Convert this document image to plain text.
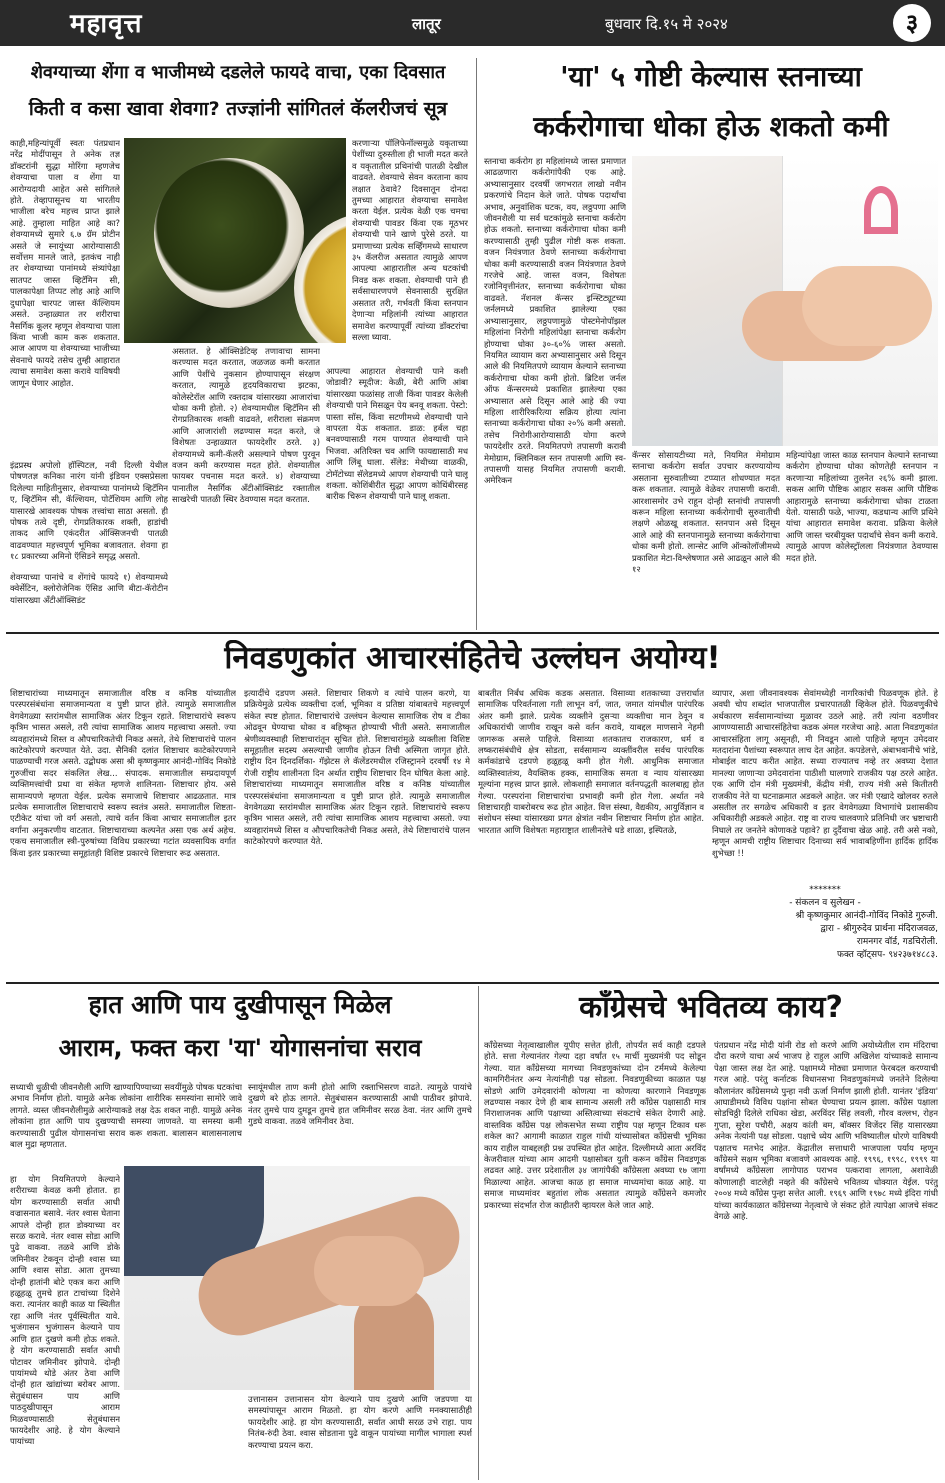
महावृत्त	लातूर	बुधवार दि.१५ मे २०२४	३
शेवग्याच्या शेंगा व भाजीमध्ये दडलेले फायदे वाचा, एका दिवसात
किती व कसा खावा शेवगा? तज्ज्ञांनी सांगितलं कॅलरीजचं सूत्र
काही,महिन्यांपूर्वी स्वतः पंतप्रधान नरेंद्र मोदींपासून ते अनेक तज्ञ डॉक्टरांनी सुद्धा मोरिंगा म्हणजेच शेवग्याचा पाला व शेंगा या आरोग्यदायी आहेत असे सांगितले होते. तेव्हापासूनच या भारतीय भाजीला बरेच महत्त्व प्राप्त झाले आहे. तुम्हाला माहित आहे का? शेवग्यामध्ये सुमारे ६.७ ग्रॅम प्रोटीन असते जे स्नायूंच्या आरोग्यासाठी सर्वोत्तम मानले जाते, इतकंच नाही तर शेवग्याच्या पानांमध्ये संत्र्यांपेक्षा सातपट जास्त व्हिटॅमिन सी, पालकापेक्षा तिप्पट लोह आहे आणि दुधापेक्षा चारपट जास्त कॅल्शियम असते. उन्हाळ्यात तर शरीराचा नैसर्गिक कूलर म्हणून शेवग्याचा पाला किंवा भाजी काम करू शकतात. आज आपण या शेवग्याच्या भाजीच्या सेवनाचे फायदे तसेच तुम्ही आहारात त्याचा समावेश कसा करावे याविषयी जाणून घेणार आहोत.
इंद्रप्रस्थ अपोलो हॉस्पिटल, नवी दिल्ली येथील पोषणतज्ञ कनिका नारंग यांनी इंडियन एक्सप्रेसला दिलेल्या माहितीनुसार, शेवग्याच्या पानांमध्ये व्हिटॅमिन ए, व्हिटॅमिन सी, कॅल्शियम, पोटॅशियम आणि लोह यासारखे आवश्यक पोषक तत्त्वांचा साठा असतो. ही पोषक तत्वे दृष्टी, रोगप्रतिकारक शक्ती, हाडांची ताकद आणि एकंदरीत ऑक्सिजनची पातळी वाढवण्यात महत्त्वपूर्ण भूमिका बजावतात. शेवगा हा १८ प्रकारच्या अमिनो ऍसिडने समृद्ध असतो.
शेवग्याच्या पानांचे व शेंगांचे फायदे १) शेवग्यामध्ये क्वेर्सेटिन, क्लोरोजेनिक ऍसिड आणि बीटा-कॅरोटीन यांसारख्या अँटीऑक्सिडंट
असतात. हे ऑक्सिडेटिव्ह तणावाचा सामना करण्यास मदत करतात, जळजळ कमी करतात आणि पेशींचे नुकसान होण्यापासून संरक्षण करतात, त्यामुळे हृदयविकाराचा झटका, कोलेस्टेरॉल आणि रक्तदाब यांसारख्या आजारांचा धोका कमी होतो. २) शेवग्यामधील व्हिटॅमिन सी रोगप्रतिकारक शक्ती वाढवते, शरीराला संक्रमण आणि आजारांशी लढण्यास मदत करते, जे विशेषतः उन्हाळ्यात फायदेशीर ठरते. ३) शेवग्यामध्ये कमी-कॅलरी असल्याने पोषण पुरवून वजन कमी करण्यास मदत होते. शेवग्यातील फायबर पचनास मदत करते. ४) शेवग्याच्या पानातील नैसर्गिक अँटीऑक्सिडंट रक्तातील साखरेची पातळी स्थिर ठेवण्यास मदत करतात.
करणाऱ्या पॉलिफेनॉल्समुळे यकृताच्या पेशींच्या दुरुस्तीला ही भाजी मदत करते व यकृतातील प्रथिनांची पातळी देखील वाढवते. शेवग्याचे सेवन करताना काय लक्षात ठेवावे? दिवसातून दोनदा तुमच्या आहारात शेवग्याचा समावेश करता येईल. प्रत्येक वेळी एक चमचा शेवग्याची पावडर किंवा एक मूठभर शेवग्याची पाने खाणे पुरेसे ठरते. या प्रमाणाच्या प्रत्येक सर्व्हिंगमध्ये साधारण ३५ कॅलरीज असतात त्यामुळे आपण आपल्या आहारातील अन्य घटकांची निवड करू शकता. शेवग्याची पाने ही सर्वसाधारणपणे सेवनासाठी सुरक्षित असतात तरी, गर्भवती किंवा स्तनपान देणाऱ्या महिलांनी त्यांच्या आहारात समावेश करण्यापूर्वी त्यांच्या डॉक्टरांचा सल्ला घ्यावा.
आपल्या आहारात शेवग्याची पाने कशी जोडावी? स्मूदीज: केळी, बेरी आणि आंबा यांसारख्या फळांसह ताजी किंवा पावडर केलेली शेवग्याची पाने मिसळून पेय बनवू शकता. पेस्टो: पास्ता सॉस, किंवा सटणीमध्ये शेवग्याची पाने वापरता येऊ शकतात. डाळ: हर्बल चहा बनवण्यासाठी गरम पाण्यात शेवग्याची पाने भिजवा. अतिरिक्त चव आणि फायद्यासाठी मध आणि लिंबू घाला. सॅलेड: मेथीच्या वाळकी, टोमॅटोच्या सॅलेडमध्ये आपण शेवग्याची पाने घालू शकता. कोशिंबीरीत सुद्धा आपण कोथिंबीरसह बारीक चिरून शेवग्याची पाने घालू शकता.
'या' ५ गोष्टी केल्यास स्तनाच्या
कर्करोगाचा धोका होऊ शकतो कमी
स्तनाचा कर्करोग हा महिलांमध्ये जास्त प्रमाणात आढळणारा कर्करोगांपैकी एक आहे. अभ्यासानुसार दरवर्षी जगभरात लाखो नवीन प्रकरणांचे निदान केले जाते. पोषक पदार्थांचा अभाव, अनुवांशिक घटक, वय, लठ्ठपणा आणि जीवनशैली या सर्व घटकांमुळे स्तनाचा कर्करोग होऊ शकतो. स्तनाच्या कर्करोगाचा धोका कमी करण्यासाठी तुम्ही पुढील गोष्टी करू शकता. वजन नियंत्रणात ठेवणे स्तनाच्या कर्करोगाचा धोका कमी करण्यासाठी वजन नियंत्रणात ठेवणे गरजेचे आहे. जास्त वजन, विशेषतः रजोनिवृत्तीनंतर, स्तनाच्या कर्करोगाचा धोका वाढवते. नॅशनल कॅन्सर इन्स्टिट्यूटच्या जर्नलमध्ये प्रकाशित झालेल्या एका अभ्यासानुसार, लठ्ठपणामुळे पोस्टमेनोपॉझल महिलांना निरोगी महिलांपेक्षा स्तनाचा कर्करोग होण्याचा धोका ३०-६०% जास्त असतो. नियमित व्यायाम करा अभ्यासानुसार असे दिसून आले की नियमितपणे व्यायाम केल्याने स्तनाच्या कर्करोगाचा धोका कमी होतो. ब्रिटिश जर्नल ऑफ कॅन्सरमध्ये प्रकाशित झालेल्या एका अभ्यासात असे दिसून आले आहे की ज्या महिला शारीरिकरित्या सक्रिय होत्या त्यांना स्तनाच्या कर्करोगाचा धोका २०% कमी असतो. तसेच निरोगीआरोग्यासाठी योगा करणे फायदेशीर ठरते. नियमितपणे तपासणी करावी मेमोग्राम, क्लिनिकल स्तन तपासणी आणि स्व-तपासणी यासह नियमित तपासणी करावी. अमेरिकन
कॅन्सर सोसायटीच्या मते, नियमित मेमोग्राम स्तनाचा कर्करोग सर्वात उपचार करण्यायोग्य असताना सुरुवातीच्या टप्प्यात शोधण्यात मदत करू शकतात. त्यामुळे वेळेवर तपासणी करावी. आरशासमोर उभे राहून दोन्ही स्तनांची तपासणी करून महिला स्तनाच्या कर्करोगाची सुरुवातीची लक्षणे ओळखू शकतात. स्तनपान असे दिसून आले आहे की स्तनपानामुळे स्तनाच्या कर्करोगाचा धोका कमी होतो. लान्सेट आणि ऑन्कोलॉजीमध्ये प्रकाशित मेटा-विश्लेषणात असे आढळून आले की १२
महिन्यांपेक्षा जास्त काळ स्तनपान केल्याने स्तनाच्या कर्करोग होण्याचा धोका कोणतेही स्तनपान न करणाऱ्या महिलांच्या तुलनेत २६% कमी झाला. सकस आणि पौष्टिक आहार सकस आणि पौष्टिक आहारामुळे स्तनाच्या कर्करोगाचा धोका टाळता येतो. यासाठी फळे, भाज्या, कडधान्य आणि प्रथिने यांचा आहारात समावेश करावा. प्रक्रिया केलेले आणि जास्त चरबीयुक्त पदार्थांचे सेवन कमी करावे. त्यामुळे आपण कोलेस्ट्रॉलला नियंत्रणात ठेवण्यास मदत होते.
निवडणुकांत आचारसंहितेचे उल्लंघन अयोग्य!
शिष्टाचारांच्या माध्यमातून समाजातील वरिष्ठ व कनिष्ठ यांच्यातील परस्परसंबंधांना समाजमान्यता व पुष्टी प्राप्त होते. त्यामुळे समाजातील वेगवेगळ्या स्तरांमधील सामाजिक अंतर टिकून रहाते. शिष्टाचारांचे स्वरूप कृत्रिम भासत असले, तरी त्यांचा सामाजिक आशय महत्त्वाचा असतो. ज्या व्यवहारांमध्ये शिस्त व औपचारिकतेची निकड असते, तेथे शिष्टाचारांचे पालन काटेकोरपणे करण्यात येते. उदा. सैनिकी दलांत शिष्टाचार काटेकोरपणाने पाळण्याची गरज असते. उद्बोधक असा श्री कृष्णकुमार आनंदी-गोविंद निकोडे गुरुजींचा सदर संकलित लेख... संपादक. समाजातील सम्प्रदायपूर्ण व्यक्तिमत्त्वांची प्रथा वा संकेत म्हणजे शालिनता- शिष्टाचार होय. असे सामान्यपणे म्हणता येईल. प्रत्येक समाजाचे शिष्टाचार आढळतात. मात्र प्रत्येक समाजातील शिष्टाचाराचे स्वरूप स्वतंत्र असते. समाजातील शिष्टता-एटीकेट यांचा जो वर्ग असतो, त्याचे वर्तन किंवा आचार समाजातील इतर वर्गांना अनुकरणीय वाटतात. शिष्टाचाराच्या कल्पनेत असा एक अर्थ अहेच. एकच समाजातील स्त्री-पुरुषांच्या विविध प्रकारच्या गटांत व्यवसायिक वर्गात किंवा इतर प्रकारच्या समूहांतही विशिष्ट प्रकारचे शिष्टाचार रूढ असतात.
इत्यादींचे दडपण असते. शिष्टाचार शिकणे व त्यांचे पालन करणे, या प्रक्रियेमुळे प्रत्येक व्यक्तीचा दर्जा, भूमिका व प्रतिष्ठा यांबाबतचे महत्त्वपूर्ण संकेत स्पष्ट होतात. शिष्टाचारांचे उल्लंघन केल्यास सामाजिक रोष व टीका ओढवून घेण्याचा धोका व बहिष्कृत होण्याची भीती असते. समाजातील श्रेणीव्यवस्थाही शिष्टाचारांतून सूचित होते. शिष्टाचारांमुळे व्यक्तीला विशिष्ट समूहातील सदस्य असल्याची जाणीव होऊन तिची अस्मिता जागृत होते. राष्ट्रीय दिन दिनदर्शिका- गॅझेटस ले कॅलेंडरमधील रजिस्ट्रानने दरवर्षी १४ मे रोजी राष्ट्रीय शालीनता दिन अर्थात राष्ट्रीय शिष्टाचार दिन घोषित केला आहे. शिष्टाचारांच्या माध्यमातून समाजातील वरिष्ठ व कनिष्ठ यांच्यातील परस्परसंबंधांना समाजमान्यता व पुष्टी प्राप्त होते. त्यामुळे समाजातील वेगवेगळ्या स्तरांमधील सामाजिक अंतर टिकून रहाते. शिष्टाचारांचे स्वरूप कृत्रिम भासत असले, तरी त्यांचा सामाजिक आशय महत्त्वाचा असतो. ज्या व्यवहारांमध्ये शिस्त व औपचारिकतेची निकड असते, तेथे शिष्टाचारांचे पालन काटेकोरपणे करण्यात येते.
बाबतीत निर्बंध अधिक कडक असतात. विसाव्या शतकाच्या उत्तरार्धात सामाजिक परिवर्तनाला गती लाभून वर्ग, जात, जमात यांमधील पारंपरिक अंतर कमी झाले. प्रत्येक व्यक्तीने दुसऱ्या व्यक्तीचा मान ठेवून व अधिकारांची जाणीव राखून कसे वर्तन करावे, याबद्दल माणसाने नेहमी जागरूक असले पाहिजे. विसाव्या शतकातच राजकारण, धर्म व लष्करासंबंधीचे क्षेत्र सोडता, सर्वसामान्य व्यक्तींवरील सर्वच पारंपरिक कर्मकांडाचे दडपणे हळूहळू कमी होत गेली. आधुनिक समाजात व्यक्तिस्वातंत्र्य, वैयक्तिक हक्क, सामाजिक समता व न्याय यांसारख्या मूल्यांना महत्त्व प्राप्त झाले. लोकशाही समाजात वर्तनपद्धती कालबाह्य होत गेल्या. परस्परांना शिष्टाचारांचा प्रभावही कमी होत गेला. अर्थात नवे शिष्टाचारही याबरोबरच रूढ होत आहेत. वित्त संस्था, वैद्यकीय, आयुर्विज्ञान व संशोधन संस्था यांसारख्या प्रगत क्षेत्रांत नवीन शिष्टाचार निर्माण होत आहेत. भारतात आणि विशेषतः महाराष्ट्रात शालीनतेचे धडे शाळा, इस्पितळे,
व्यापार, अशा जीवनावश्यक सेवांमध्येही नागरिकांची पिळवणूक होते. हे अवघी चोप शब्दांत भाजपातील प्रचारपातळी व्हिकेल होते. पिळवणुकीचे अर्थकारण सर्वसामान्यांच्या मुळावर उठले आहे. तरी त्यांना वठणीवर आणण्यासाठी आचारसंहितेचा कडक अंमल गरजेचा आहे. आता निवडणुकांत आचारसंहिता लागू असूनही, मी निवडून आलो पाहिजे म्हणून उमेदवार मतदारांना पैशांच्या स्वरूपात लाच देत आहेत. कपडेलत्ते, अंबाभवानीचे भांडे, मोबाईल वाटप करीत आहेत. सध्या राज्यातच नव्हे तर अवघ्या देशात मानल्या जाणाऱ्या उमेदवारांना पाठीशी घालणारे राजकीय पक्ष ठरले आहेत. एक आणि दोन मंत्री मुख्यमंत्री, केंद्रीय मंत्री, राज्य मंत्री असे कितीतरी राजकीय नेते या घटनाक्रमात अडकले आहेत. जर मंत्री एखादे खोलवर रुतले असतील तर सगळेच अधिकारी व इतर वेगवेगळ्या विभागांचे प्रशासकीय अधिकारीही अडकले आहेत. राष्ट्र वा राज्य चालवणारे प्रतिनिधी जर भ्रष्टाचारी निघाले तर जनतेने कोणाकडे पहावे? हा दुर्दैवाचा खेळ आहे. तरी असे नको, म्हणून आमची राष्ट्रीय शिष्टाचार दिनाच्या सर्व भावाबहिणींना हार्दिक हार्दिक शुभेच्छा !!
*******
- संकलन व सुलेखन -
श्री कृष्णकुमार आनंदी-गोविंद निकोडे गुरुजी.
द्वारा - श्रीगुरुदेव प्रार्थना मंदिराजवळ,
रामनगर वॉर्ड, गडचिरोली.
फक्त व्हॉट्सप- ९४२३७१४८८३.
हात आणि पाय दुखीपासून मिळेल
आराम, फक्त करा 'या' योगासनांचा सराव
सध्याची धुळीची जीवनशैली आणि खाण्यापिण्याच्या सवयींमुळे पोषक घटकांचा अभाव निर्माण होतो. यामुळे अनेक लोकांना शारीरिक समस्यांना सामोरे जावे लागते. व्यस्त जीवनशैलीमुळे आरोग्याकडे लक्ष देऊ शकत नाही. यामुळे अनेक लोकांना हात आणि पाय दुखण्याची समस्या जाणवते. या समस्या कमी करण्यासाठी पुढील योगासनांचा सराव करू शकता. बालासन बालासनालाच बाल मुद्रा म्हणतात.
स्नायूंमधील ताण कमी होतो आणि रक्ताभिसरण वाढते. त्यामुळे पायांचे दुखणे बरे होऊ लागते. सेतुबंधासन करण्यासाठी आधी पाठीवर झोपावे. नंतर तुमचे पाय दुमडून तुमचे हात जमिनीवर सरळ ठेवा. नंतर आणि तुमचे गुडघे वाकवा. तळवे जमिनीवर ठेवा.
हा योग नियमितपणे केल्याने शरीराच्या केवळ कमी होतात. हा योग करण्यासाठी सर्वात आधी वज्रासनात बसावे. नंतर श्वास घेताना आपले दोन्ही हात डोक्याच्या वर सरळ करावे. नंतर श्वास सोडा आणि पुढे वाकवा. तळवे आणि डोके जमिनीवर टेकवून दोन्ही श्वास घ्या आणि श्वास सोडा. आता तुमच्या दोन्ही हातांनी बोटे एकत्र करा आणि हळूहळू तुमचे हात टाचांच्या दिशेने करा. त्यानंतर काही काळ या स्थितीत रहा आणि नंतर पूर्वस्थितीत यावे. भुजंगासन भुजंगासन केल्याने पाय आणि हात दुखणे कमी होऊ शकते. हे योग करण्यासाठी सर्वात आधी पोटावर जमिनीवर झोपावे. दोन्ही पायांमध्ये थोडे अंतर ठेवा आणि दोन्ही हात खांद्यांच्या बरोबर आणा. सेतुबंधासन पाय आणि पाठदुखीपासून आराम मिळवण्यासाठी सेतुबंधासन फायदेशीर आहे. हे योग केल्याने पायांच्या
उत्तानासन उत्तानासन योग केल्याने पाय दुखणे आणि जडपणा या समस्यांपासून आराम मिळतो. हा योग करणे आणि मनक्यासाठीही फायदेशीर आहे. हा योग करण्यासाठी, सर्वात आधी सरळ उभे राहा. पाय नितंब-रुंदी ठेवा. श्वास सोडताना पुढे वाकून पायांच्या मागील भागाला स्पर्श करण्याचा प्रयत्न करा.
कॉंग्रेसचे भवितव्य काय?
कॉंग्रेसच्या नेतृत्वाखालील यूपीए सत्तेत होती, तोपर्यंत सर्व काही दडपले होते. सत्ता गेल्यानंतर गेल्या दहा वर्षांत १५ मार्ची मुख्यमंत्री पद सोडून गेल्या. यात कॉंग्रेसच्या मागच्या निवडणुकांच्या दोन टर्ममध्ये केलेल्या कामगिरीनंतर अन्य नेत्यांनीही पक्ष सोडला. निवडणुकीच्या काळात पक्ष सोडणे आणि उमेदवारांनी कोणत्या ना कोणत्या कारणाने निवडणूक लढण्यास नकार देणे ही बाब सामान्य असली तरी कॉंग्रेस पक्षासाठी मात्र निराशाजनक आणि पक्षाच्या अस्तित्वाच्या संकटाचे संकेत देणारी आहे. वास्तविक कॉंग्रेस पक्ष लोकसभेत सध्या राष्ट्रीय पक्ष म्हणून टिकाव धरू शकेल का? आगामी काळात राहुल गांधी यांच्यासोबत कॉंग्रेसची भूमिका काय राहील याबद्दलही प्रश्न उपस्थित होत आहेत. दिल्लीमध्ये आता अरविंद केजरीवाल यांच्या आम आदमी पक्षासोबत युती करून कॉंग्रेस निवडणूक लढवत आहे. उत्तर प्रदेशातील ३४ जागांपैकी कॉंग्रेसला अवघ्या १७ जागा मिळाल्या आहेत. आजचा काळ हा समाज माध्यमांचा काळ आहे. या समाज माध्यमांवर बहुतांश लोक असतात त्यामुळे कॉंग्रेसने कमजोर प्रकारच्या संदर्भात रोज काहीतरी व्हायरल केले जात आहे.
पंतप्रधान नरेंद्र मोदी यांनी रोड शो करणे आणि अयोध्येतील राम मंदिराचा दौरा करणे याचा अर्थ भाजप हे राहुल आणि अखिलेश यांच्याकडे सामान्य पेक्षा जास्त लक्ष देत आहे. पक्षामध्ये मोठ्या प्रमाणात फेरबदल करण्याची गरज आहे. परंतु कर्नाटक विधानसभा निवडणुकांमध्ये जनतेने दिलेल्या कौलानंतर कॉंग्रेसमध्ये पुन्हा नवी ऊर्जा निर्माण झाली होती. यानंतर 'इंडिया' आघाडीमध्ये विविध पक्षांना सोबत घेण्याचा प्रयत्न झाला. कॉंग्रेस पक्षाला सोडचिठ्ठी दिलेले राधिका खेडा, अरविंदर सिंह लवली, गौरव वल्लभ, रोहन गुप्ता, सुरेश पचौरी, अक्षय कांती बम, बॉक्सर विजेंदर सिंह यासारख्या अनेक नेत्यांनी पक्ष सोडला. पक्षाचे ध्येय आणि भविष्यातील धोरणे याविषयी पक्षातच मतभेद आहेत. केंद्रातील सत्ताधारी भाजपाला पर्याय म्हणून कॉंग्रेसने सक्षम भूमिका बजावणे आवश्यक आहे. १९९६, १९९८, १९९९ या वर्षांमध्ये कॉंग्रेसला लागोपाठ पराभव पत्करावा लागला, अशावेळी कोणालाही वाटलेही नव्हते की कॉंग्रेसचे भवितव्य धोक्यात येईल. परंतु २००४ मध्ये कॉंग्रेस पुन्हा सत्तेत आली. १९६९ आणि १९७८ मध्ये इंदिरा गांधी यांच्या कार्यकाळात कॉंग्रेसच्या नेतृत्वाचे जे संकट होते त्यापेक्षा आजचे संकट वेगळे आहे.
